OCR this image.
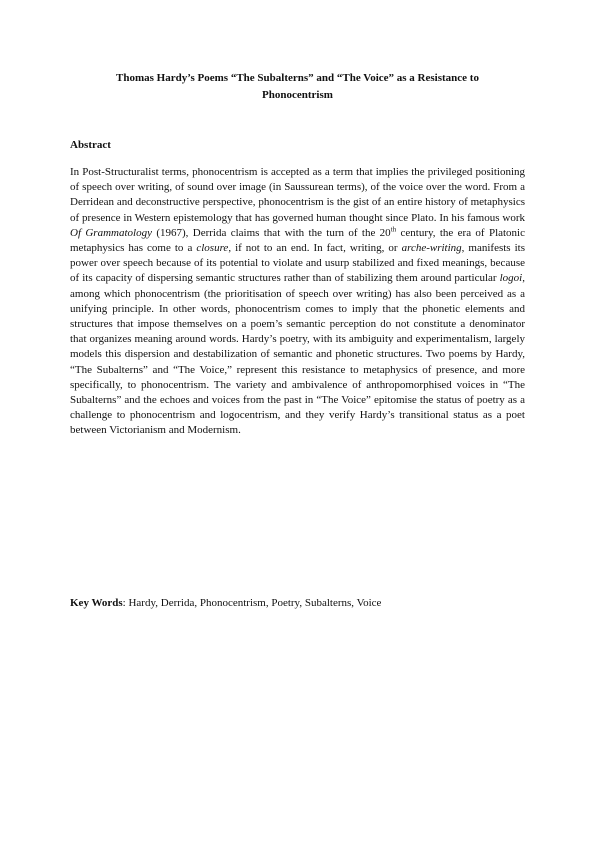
Thomas Hardy’s Poems “The Subalterns” and “The Voice” as a Resistance to
Phonocentrism
Abstract

In Post-Structuralist terms, phonocentrism is accepted as a term that implies the privileged positioning of speech over writing, of sound over image (in Saussurean terms), of the voice over the word. From a Derridean and deconstructive perspective, phonocentrism is the gist of an entire history of metaphysics of presence in Western epistemology that has governed human thought since Plato. In his famous work Of Grammatology (1967), Derrida claims that with the turn of the 20th century, the era of Platonic metaphysics has come to a closure, if not to an end. In fact, writing, or arche-writing, manifests its power over speech because of its potential to violate and usurp stabilized and fixed meanings, because of its capacity of dispersing semantic structures rather than of stabilizing them around particular logoi, among which phonocentrism (the prioritisation of speech over writing) has also been perceived as a unifying principle. In other words, phonocentrism comes to imply that the phonetic elements and structures that impose themselves on a poem’s semantic perception do not constitute a denominator that organizes meaning around words. Hardy’s poetry, with its ambiguity and experimentalism, largely models this dispersion and destabilization of semantic and phonetic structures. Two poems by Hardy, “The Subalterns” and “The Voice,” represent this resistance to metaphysics of presence, and more specifically, to phonocentrism. The variety and ambivalence of anthropomorphised voices in “The Subalterns” and the echoes and voices from the past in “The Voice” epitomise the status of poetry as a challenge to phonocentrism and logocentrism, and they verify Hardy’s transitional status as a poet between Victorianism and Modernism.

Key Words: Hardy, Derrida, Phonocentrism, Poetry, Subalterns, Voice
